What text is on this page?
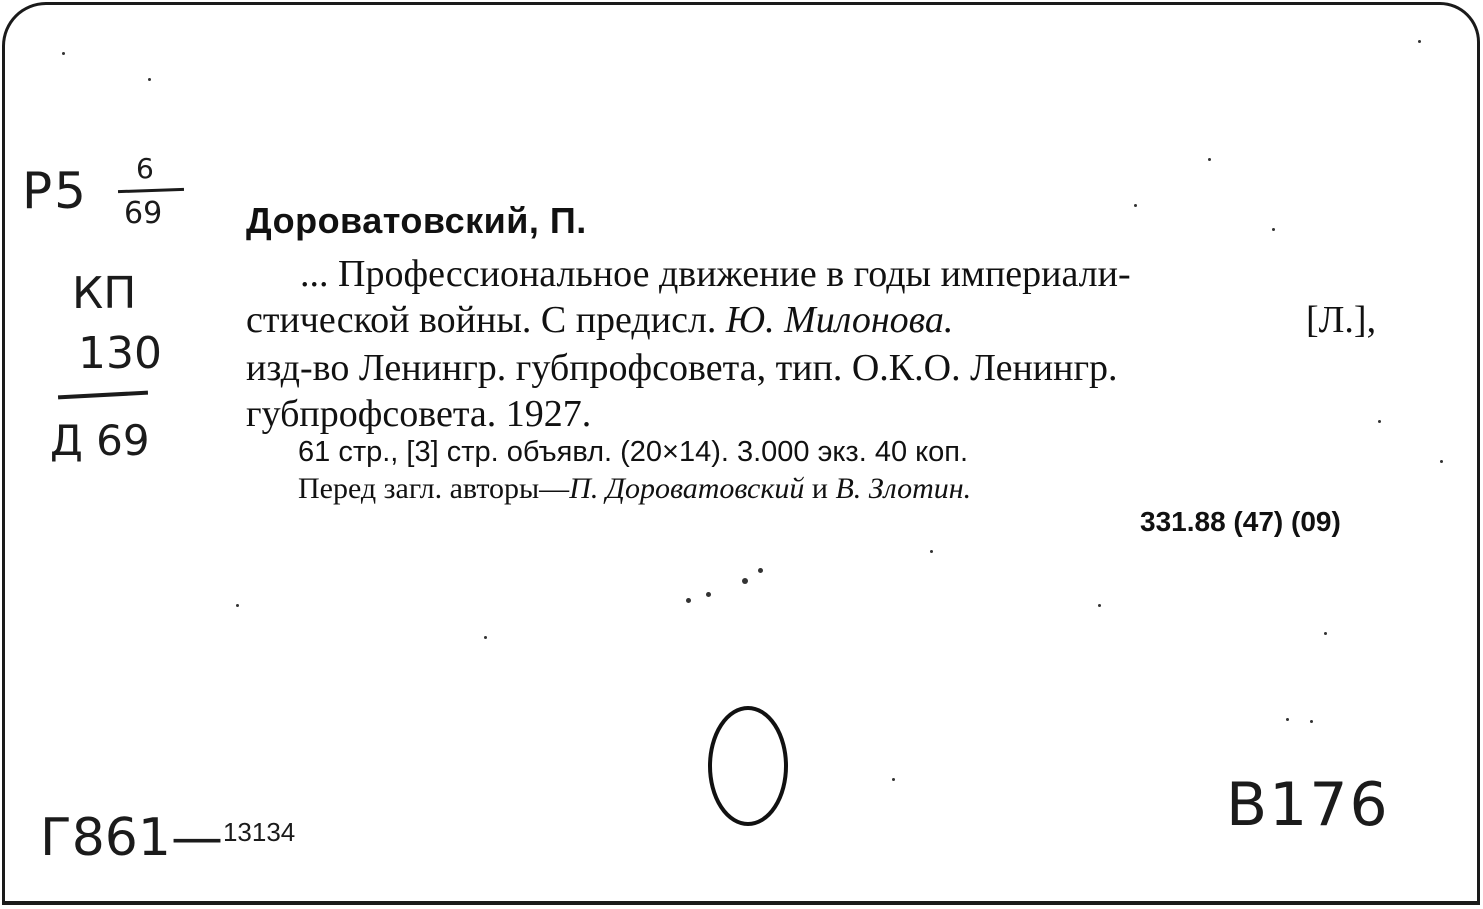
P5 6
69
КП
130
Д 69
Дороватовский, П.
... Профессиональное движение в годы империали-
стической войны. С предисл. Ю. Милонова.	[Л.],
изд-во Ленингр. губпрофсовета, тип. О.К.О. Ленингр.
губпрофсовета. 1927.
61 стр., [3] стр. объявл. (20×14). 3.000 экз. 40 коп.
Перед загл. авторы—П. Дороватовский и В. Злотин.
331.88 (47) (09)
B176
Г861—$^{13134}$
